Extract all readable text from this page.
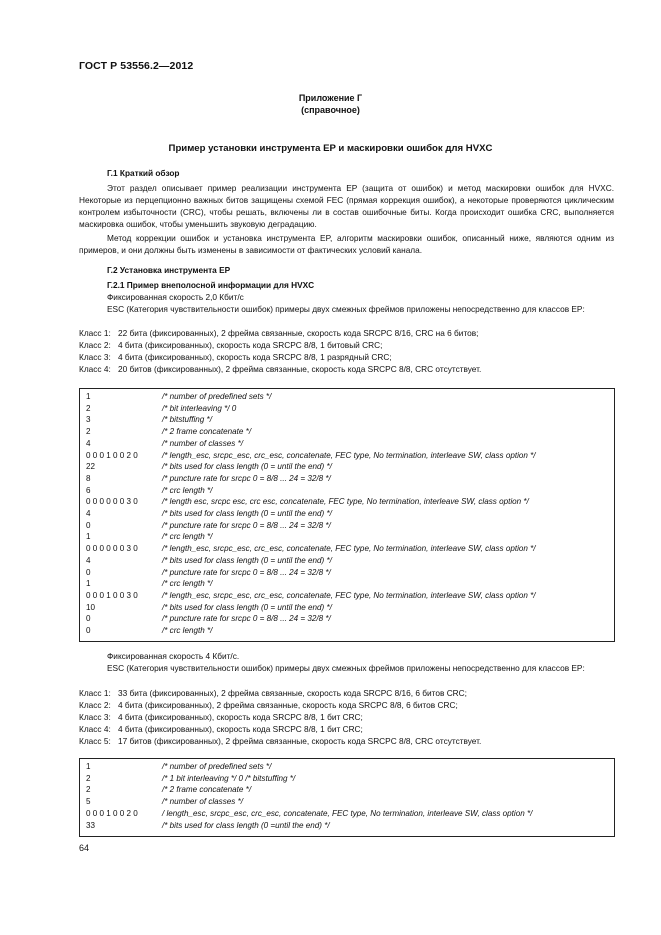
ГОСТ Р 53556.2—2012
Приложение Г
(справочное)
Пример установки инструмента EP и маскировки ошибок для HVXC
Г.1 Краткий обзор
Этот раздел описывает пример реализации инструмента EP (защита от ошибок) и метод маскировки ошибок для HVXC. Некоторые из перцепционно важных битов защищены схемой FEC (прямая коррекция ошибок), а некоторые проверяются циклическим контролем избыточности (CRC), чтобы решать, включены ли в состав ошибочные биты. Когда происходит ошибка CRC, выполняется маскировка ошибок, чтобы уменьшить звуковую деградацию.
Метод коррекции ошибок и установка инструмента EP, алгоритм маскировки ошибок, описанный ниже, являются одним из примеров, и они должны быть изменены в зависимости от фактических условий канала.
Г.2 Установка инструмента EP
Г.2.1 Пример внеполосной информации для HVXC
Фиксированная скорость 2,0 Кбит/с
ESC (Категория чувствительности ошибок) примеры двух смежных фреймов приложены непосредственно для классов EP:
Класс 1: 22 бита (фиксированных), 2 фрейма связанные, скорость кода SRCPC 8/16, CRC на 6 битов;
Класс 2: 4 бита (фиксированных), скорость кода SRCPC 8/8, 1 битовый CRC;
Класс 3: 4 бита (фиксированных), скорость кода SRCPC 8/8, 1 разрядный CRC;
Класс 4: 20 битов (фиксированных), 2 фрейма связанные, скорость кода SRCPC 8/8, CRC отсутствует.
1	/* number of predefined sets */
2	/* bit interleaving */ 0
3	/* bitstuffing */
2	/* 2 frame concatenate */
4	/* number of classes */
0 0 0 1 0 0 2 0	/* length_esc, srcpc_esc, crc_esc, concatenate, FEC type, No termination, interleave SW, class option */
22	/* bits used for class length (0 = until the end) */
8	/* puncture rate for srcpc 0 = 8/8 ... 24 = 32/8 */
6	/* crc length */
0 0 0 0 0 0 3 0	/* length esc, srcpc esc, crc esc, concatenate, FEC type, No termination, interleave SW, class option */
4	/* bits used for class length (0 = until the end) */
0	/* puncture rate for srcpc 0 = 8/8 ... 24 = 32/8 */
1	/* crc length */
0 0 0 0 0 0 3 0	/* length_esc, srcpc_esc, crc_esc, concatenate, FEC type, No termination, interleave SW, class option */
4	/* bits used for class length (0 = until the end) */
0	/* puncture rate for srcpc 0 = 8/8 ... 24 = 32/8 */
1	/* crc length */
0 0 0 1 0 0 3 0	/* length_esc, srcpc_esc, crc_esc, concatenate, FEC type, No termination, interleave SW, class option */
10	/* bits used for class length (0 = until the end) */
0	/* puncture rate for srcpc 0 = 8/8 ... 24 = 32/8 */
0	/* crc length */
Фиксированная скорость 4 Кбит/с.
ESC (Категория чувствительности ошибок) примеры двух смежных фреймов приложены непосредственно для классов EP:
Класс 1: 33 бита (фиксированных), 2 фрейма связанные, скорость кода SRCPC 8/16, 6 битов CRC;
Класс 2: 4 бита (фиксированных), 2 фрейма связанные, скорость кода SRCPC 8/8, 6 битов CRC;
Класс 3: 4 бита (фиксированных), скорость кода SRCPC 8/8, 1 бит CRC;
Класс 4: 4 бита (фиксированных), скорость кода SRCPC 8/8, 1 бит CRC;
Класс 5: 17 битов (фиксированных), 2 фрейма связанные, скорость кода SRCPC 8/8, CRC отсутствует.
1	/* number of predefined sets */
2	/* 1 bit interleaving */ 0 /* bitstuffing */
2	/* 2 frame concatenate */
5	/* number of classes */
0 0 0 1 0 0 2 0	/ length_esc, srcpc_esc, crc_esc, concatenate, FEC type, No termination, interleave SW, class option */
33	/* bits used for class length (0 =until the end) */
64
